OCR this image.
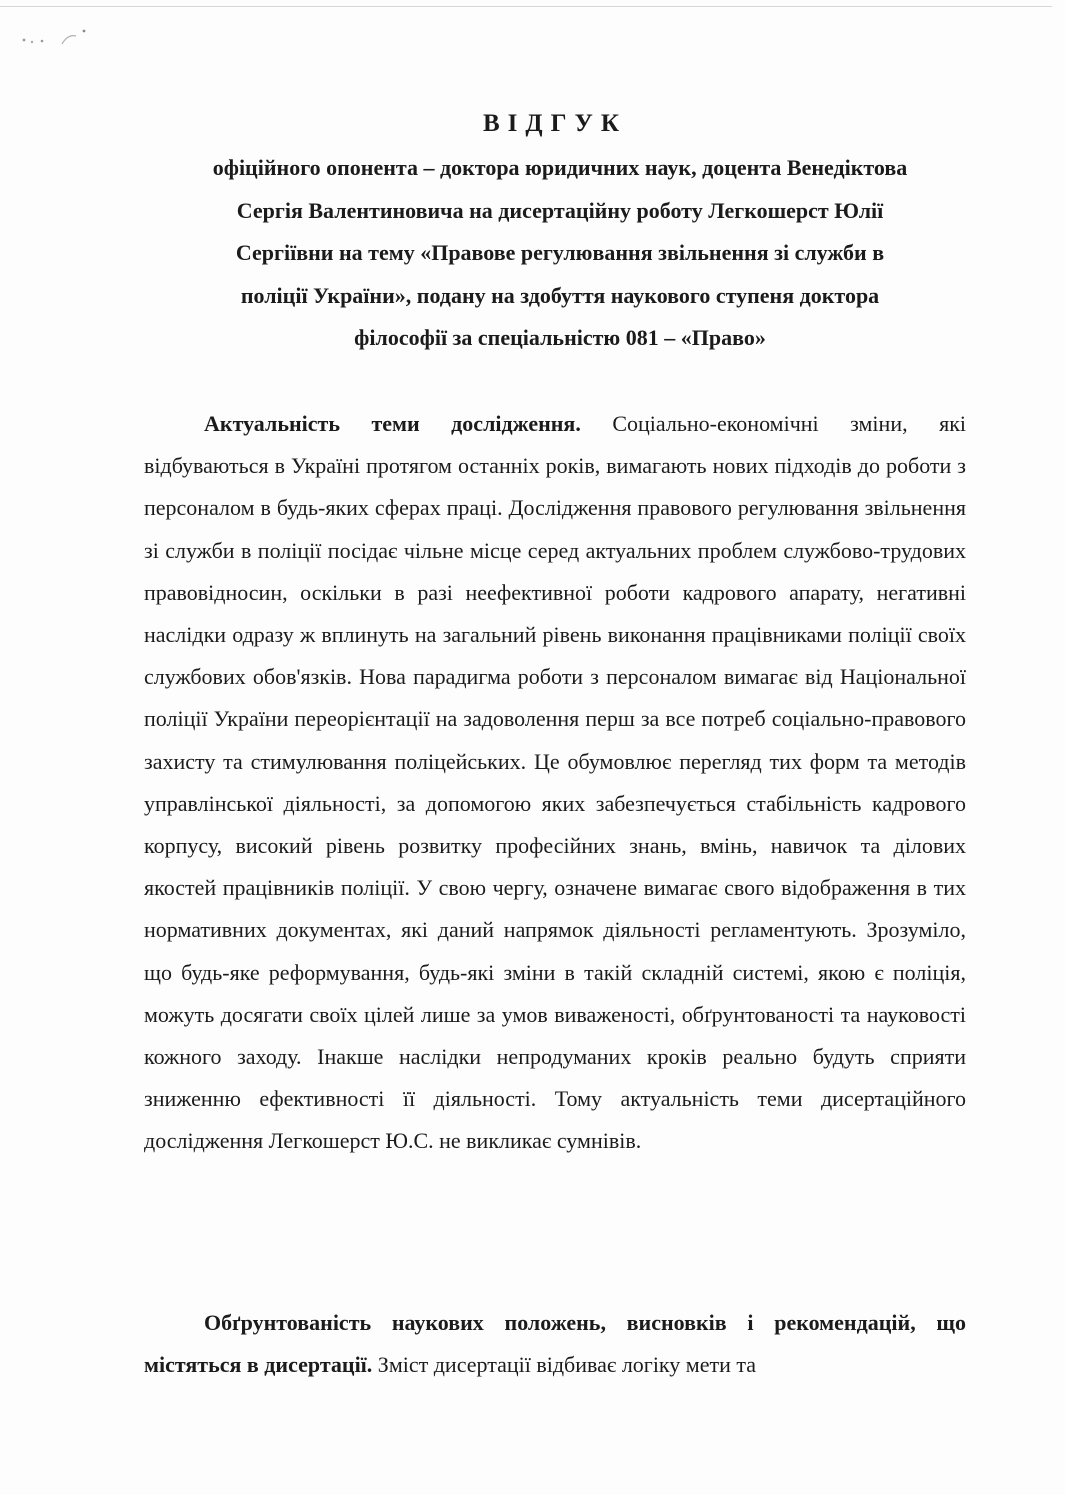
ВІДГУК
офіційного опонента – доктора юридичних наук, доцента Венедіктова
Сергія Валентиновича на дисертаційну роботу Легкошерст Юлії
Сергіївни на тему «Правове регулювання звільнення зі служби в
поліції України», подану на здобуття наукового ступеня доктора
філософії за спеціальністю 081 – «Право»

Актуальність теми дослідження. Соціально-економічні зміни, які відбуваються в Україні протягом останніх років, вимагають нових підходів до роботи з персоналом в будь-яких сферах праці. Дослідження правового регулювання звільнення зі служби в поліції посідає чільне місце серед актуальних проблем службово-трудових правовідносин, оскільки в разі неефективної роботи кадрового апарату, негативні наслідки одразу ж вплинуть на загальний рівень виконання працівниками поліції своїх службових обов'язків. Нова парадигма роботи з персоналом вимагає від Національної поліції України переорієнтації на задоволення перш за все потреб соціально-правового захисту та стимулювання поліцейських. Це обумовлює перегляд тих форм та методів управлінської діяльності, за допомогою яких забезпечується стабільність кадрового корпусу, високий рівень розвитку професійних знань, вмінь, навичок та ділових якостей працівників поліції. У свою чергу, означене вимагає свого відображення в тих нормативних документах, які даний напрямок діяльності регламентують. Зрозуміло, що будь-яке реформування, будь-які зміни в такій складній системі, якою є поліція, можуть досягати своїх цілей лише за умов виваженості, обґрунтованості та науковості кожного заходу. Інакше наслідки непродуманих кроків реально будуть сприяти зниженню ефективності її діяльності. Тому актуальність теми дисертаційного дослідження Легкошерст Ю.С. не викликає сумнівів.

Обґрунтованість наукових положень, висновків і рекомендацій, що містяться в дисертації. Зміст дисертації відбиває логіку мети та
